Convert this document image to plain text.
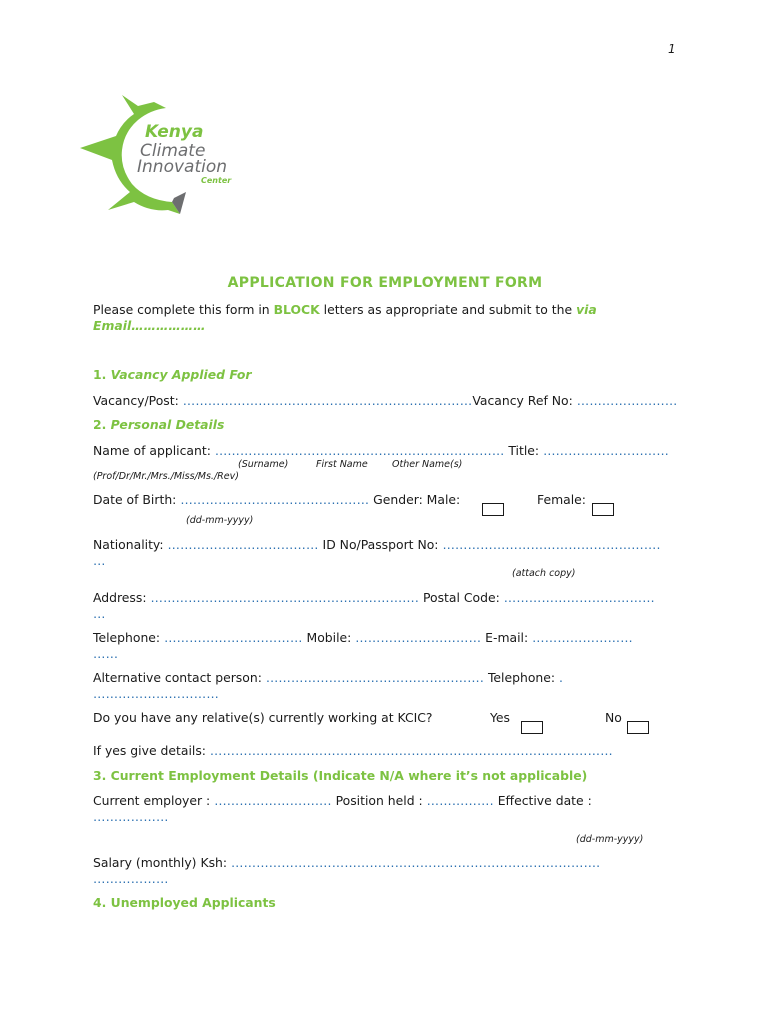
1
Kenya
Climate
Innovation
Center
APPLICATION FOR EMPLOYMENT FORM
Please complete this form in BLOCK letters as appropriate and submit to the via
Email………………
1. Vacancy Applied For
Vacancy/Post: ……………………………………………………………Vacancy Ref No: ……………………
2. Personal Details
Name of applicant: …………………………………………………………… Title: …………………………
(Surname)	First Name	Other Name(s)
(Prof/Dr/Mr./Mrs./Miss/Ms./Rev)
Date of Birth: ……………………………………… Gender: Male:	Female:
(dd-mm-yyyy)
Nationality: ……………………………… ID No/Passport No: …………………………………………….
…
(attach copy)
Address: ………………………………………………………. Postal Code: ………………………………
…
Telephone: …………………………… Mobile: ………………………… E-mail: ……………………
……
Alternative contact person: ……………………………………………. Telephone: .
…………………………
Do you have any relative(s) currently working at KCIC?	Yes	No
If yes give details: ……………………………………………………………………………………
3. Current Employment Details (Indicate N/A where it’s not applicable)
Current employer : ………………………. Position held : ……………. Effective date :
………………
(dd-mm-yyyy)
Salary (monthly) Ksh: …………………………………………………………………………….
………………
4. Unemployed Applicants
